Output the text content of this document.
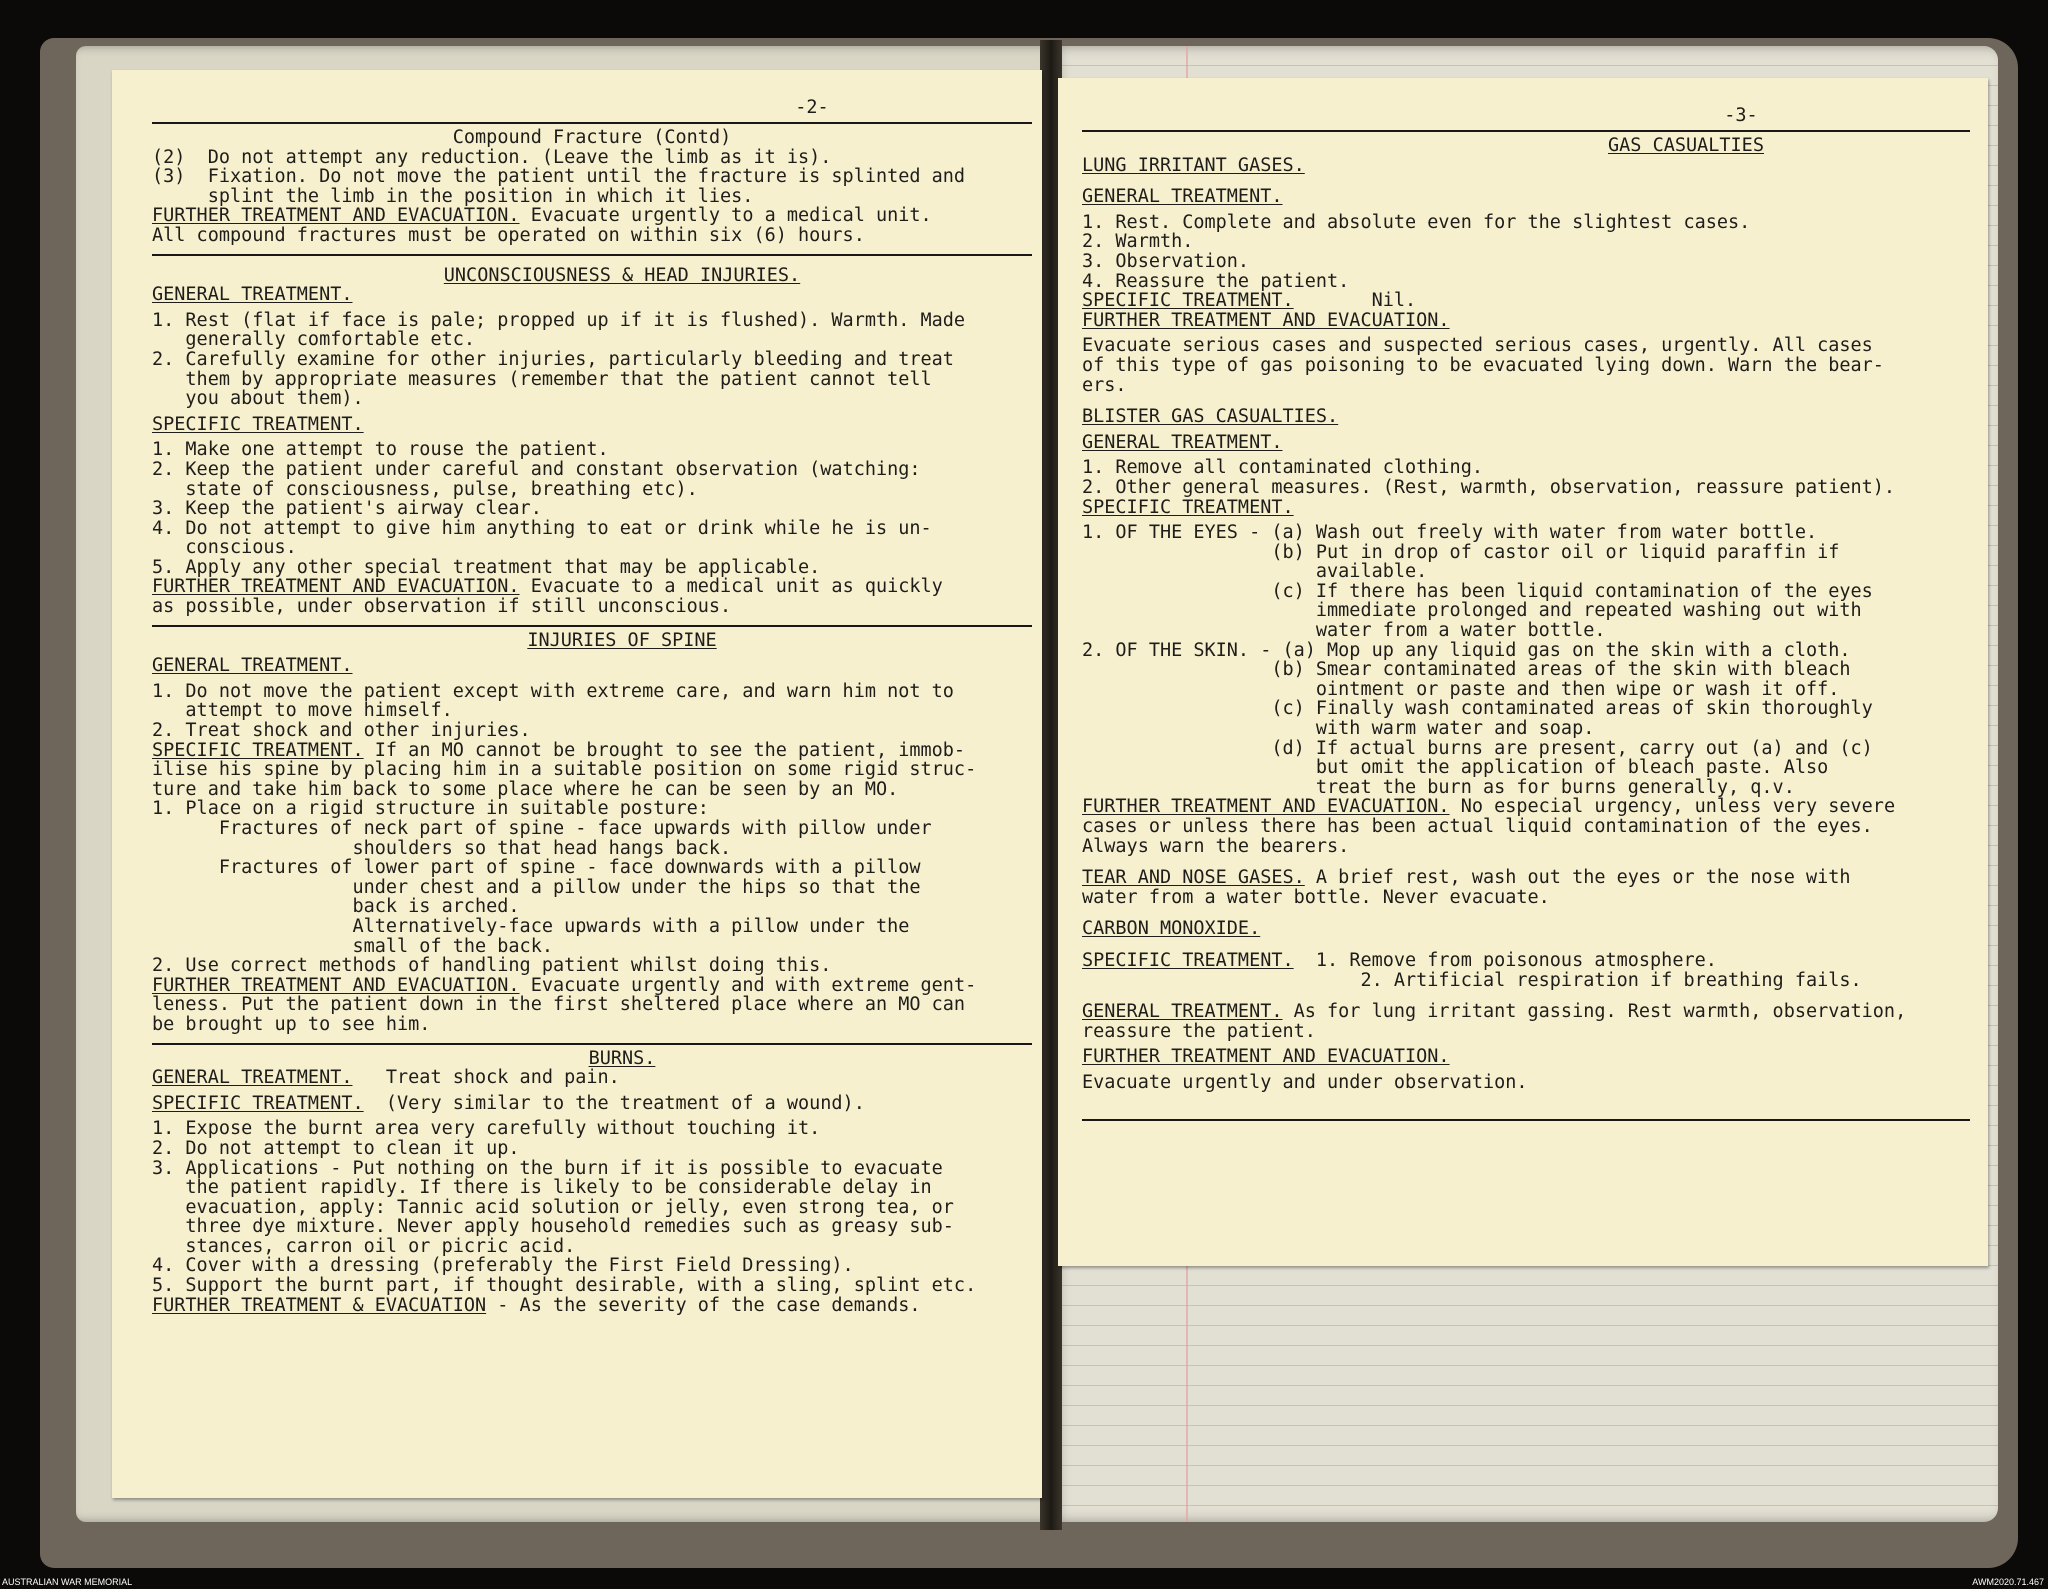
-2-
Compound Fracture (Contd)
(2)  Do not attempt any reduction. (Leave the limb as it is).
(3)  Fixation. Do not move the patient until the fracture is splinted and
splint the limb in the position in which it lies.
FURTHER TREATMENT AND EVACUATION. Evacuate urgently to a medical unit.
All compound fractures must be operated on within six (6) hours.
UNCONSCIOUSNESS & HEAD INJURIES.
GENERAL TREATMENT.
1. Rest (flat if face is pale; propped up if it is flushed). Warmth. Made
generally comfortable etc.
2. Carefully examine for other injuries, particularly bleeding and treat
them by appropriate measures (remember that the patient cannot tell
you about them).
SPECIFIC TREATMENT.
1. Make one attempt to rouse the patient.
2. Keep the patient under careful and constant observation (watching:
state of consciousness, pulse, breathing etc).
3. Keep the patient's airway clear.
4. Do not attempt to give him anything to eat or drink while he is un-
conscious.
5. Apply any other special treatment that may be applicable.
FURTHER TREATMENT AND EVACUATION. Evacuate to a medical unit as quickly
as possible, under observation if still unconscious.
INJURIES OF SPINE
GENERAL TREATMENT.
1. Do not move the patient except with extreme care, and warn him not to
attempt to move himself.
2. Treat shock and other injuries.
SPECIFIC TREATMENT. If an MO cannot be brought to see the patient, immob-
ilise his spine by placing him in a suitable position on some rigid struc-
ture and take him back to some place where he can be seen by an MO.
1. Place on a rigid structure in suitable posture:
Fractures of neck part of spine - face upwards with pillow under
shoulders so that head hangs back.
Fractures of lower part of spine - face downwards with a pillow
under chest and a pillow under the hips so that the
back is arched.
Alternatively-face upwards with a pillow under the
small of the back.
2. Use correct methods of handling patient whilst doing this.
FURTHER TREATMENT AND EVACUATION. Evacuate urgently and with extreme gent-
leness. Put the patient down in the first sheltered place where an MO can
be brought up to see him.
BURNS.
GENERAL TREATMENT.   Treat shock and pain.
SPECIFIC TREATMENT.  (Very similar to the treatment of a wound).
1. Expose the burnt area very carefully without touching it.
2. Do not attempt to clean it up.
3. Applications - Put nothing on the burn if it is possible to evacuate
the patient rapidly. If there is likely to be considerable delay in
evacuation, apply: Tannic acid solution or jelly, even strong tea, or
three dye mixture. Never apply household remedies such as greasy sub-
stances, carron oil or picric acid.
4. Cover with a dressing (preferably the First Field Dressing).
5. Support the burnt part, if thought desirable, with a sling, splint etc.
FURTHER TREATMENT & EVACUATION - As the severity of the case demands.
-3-
GAS CASUALTIES
LUNG IRRITANT GASES.
GENERAL TREATMENT.
1. Rest. Complete and absolute even for the slightest cases.
2. Warmth.
3. Observation.
4. Reassure the patient.
SPECIFIC TREATMENT.       Nil.
FURTHER TREATMENT AND EVACUATION.
Evacuate serious cases and suspected serious cases, urgently. All cases
of this type of gas poisoning to be evacuated lying down. Warn the bear-
ers.
BLISTER GAS CASUALTIES.
GENERAL TREATMENT.
1. Remove all contaminated clothing.
2. Other general measures. (Rest, warmth, observation, reassure patient).
SPECIFIC TREATMENT.
1. OF THE EYES - (a) Wash out freely with water from water bottle.
(b) Put in drop of castor oil or liquid paraffin if
available.
(c) If there has been liquid contamination of the eyes
immediate prolonged and repeated washing out with
water from a water bottle.
2. OF THE SKIN. - (a) Mop up any liquid gas on the skin with a cloth.
(b) Smear contaminated areas of the skin with bleach
ointment or paste and then wipe or wash it off.
(c) Finally wash contaminated areas of skin thoroughly
with warm water and soap.
(d) If actual burns are present, carry out (a) and (c)
but omit the application of bleach paste. Also
treat the burn as for burns generally, q.v.
FURTHER TREATMENT AND EVACUATION. No especial urgency, unless very severe
cases or unless there has been actual liquid contamination of the eyes.
Always warn the bearers.
TEAR AND NOSE GASES. A brief rest, wash out the eyes or the nose with
water from a water bottle. Never evacuate.
CARBON MONOXIDE.
SPECIFIC TREATMENT.  1. Remove from poisonous atmosphere.
2. Artificial respiration if breathing fails.
GENERAL TREATMENT. As for lung irritant gassing. Rest warmth, observation,
reassure the patient.
FURTHER TREATMENT AND EVACUATION.
Evacuate urgently and under observation.
AUSTRALIAN WAR MEMORIAL	AWM2020.71.467
